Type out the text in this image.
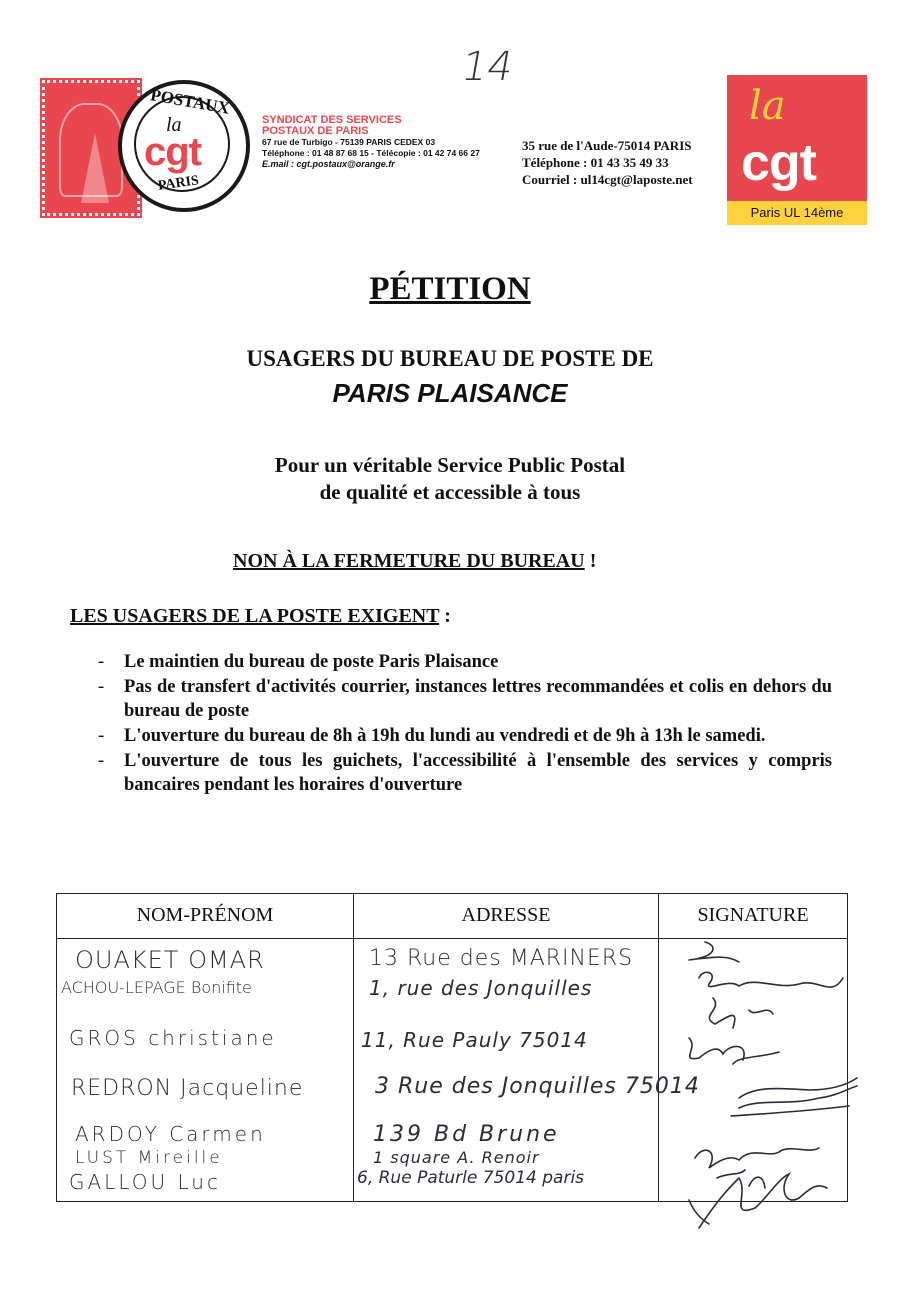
14
POSTAUX
la
cgt
PARIS
SYNDICAT DES SERVICES
POSTAUX DE PARIS
67 rue de Turbigo - 75139 PARIS CEDEX 03
Téléphone : 01 48 87 68 15 - Télécopie : 01 42 74 66 27
E.mail : cgt.postaux@orange.fr
35 rue de l'Aude-75014 PARIS
Téléphone : 01 43 35 49 33
Courriel : ul14cgt@laposte.net
la
cgt
Paris UL 14ème
PÉTITION
USAGERS DU BUREAU DE POSTE DE
PARIS PLAISANCE
Pour un véritable Service Public Postal
de qualité et accessible à tous
NON À LA FERMETURE DU BUREAU !
LES USAGERS DE LA POSTE EXIGENT :
- Le maintien du bureau de poste Paris Plaisance
- Pas de transfert d'activités courrier, instances lettres recommandées et colis en dehors du bureau de poste
- L'ouverture du bureau de 8h à 19h du lundi au vendredi et de 9h à 13h le samedi.
- L'ouverture de tous les guichets, l'accessibilité à l'ensemble des services y compris bancaires pendant les horaires d'ouverture
NOM-PRÉNOM	ADRESSE	SIGNATURE
OUAKET OMAR	13 Rue des MARINERS
ACHOU-LEPAGE Bonifite	1, rue des Jonquilles
GROS christiane	11, Rue Pauly 75014
REDRON Jacqueline	3 Rue des Jonquilles 75014
ARDOY Carmen	139 Bd Brune
LUST Mireille	1 square A. Renoir
GALLOU Luc	6, Rue Paturle 75014 paris
